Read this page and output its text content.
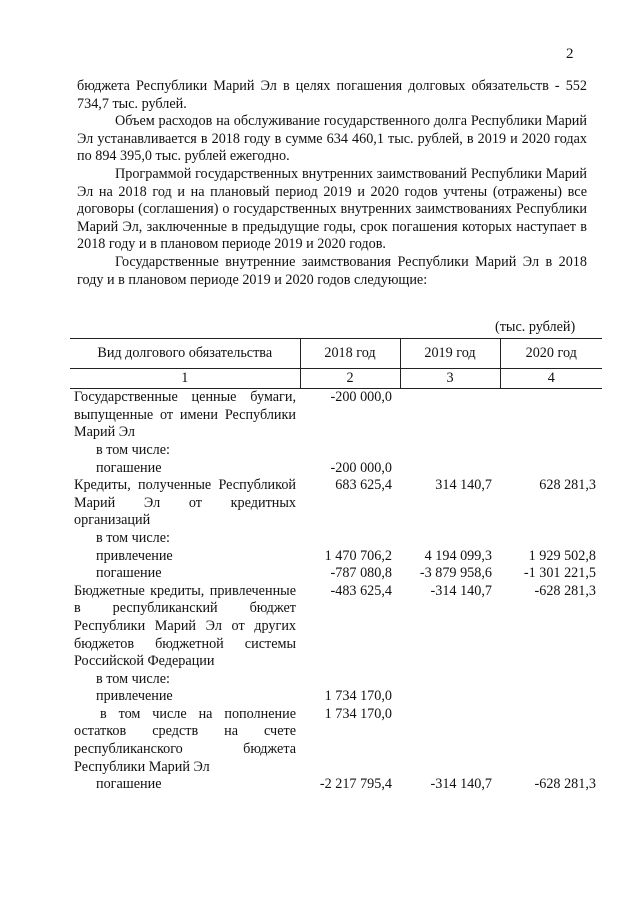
2

бюджета Республики Марий Эл в целях погашения долговых обязательств - 552 734,7 тыс. рублей.

Объем расходов на обслуживание государственного долга Республики Марий Эл устанавливается в 2018 году в сумме 634 460,1 тыс. рублей, в 2019 и 2020 годах по 894 395,0 тыс. рублей ежегодно.

Программой государственных внутренних заимствований Республики Марий Эл на 2018 год и на плановый период 2019 и 2020 годов учтены (отражены) все договоры (соглашения) о государственных внутренних заимствованиях Республики Марий Эл, заключенные в предыдущие годы, срок погашения которых наступает в 2018 году и в плановом периоде 2019 и 2020 годов.

Государственные внутренние заимствования Республики Марий Эл в 2018 году и в плановом периоде 2019 и 2020 годов следующие:

(тыс. рублей)
Вид долгового обязательства	2018 год	2019 год	2020 год
1	2	3	4
Государственные ценные бумаги, выпущенные от имени Республики Марий Эл	-200 000,0		
в том числе:			
погашение	-200 000,0		
Кредиты, полученные Республикой Марий Эл от кредитных организаций	683 625,4	314 140,7	628 281,3
в том числе:			
привлечение	1 470 706,2	4 194 099,3	1 929 502,8
погашение	-787 080,8	-3 879 958,6	-1 301 221,5
Бюджетные кредиты, привлеченные в республиканский бюджет Республики Марий Эл от других бюджетов бюджетной системы Российской Федерации	-483 625,4	-314 140,7	-628 281,3
в том числе:			
привлечение	1 734 170,0		
в том числе на пополнение остатков средств на счете республиканского бюджета Республики Марий Эл	1 734 170,0		
погашение	-2 217 795,4	-314 140,7	-628 281,3
